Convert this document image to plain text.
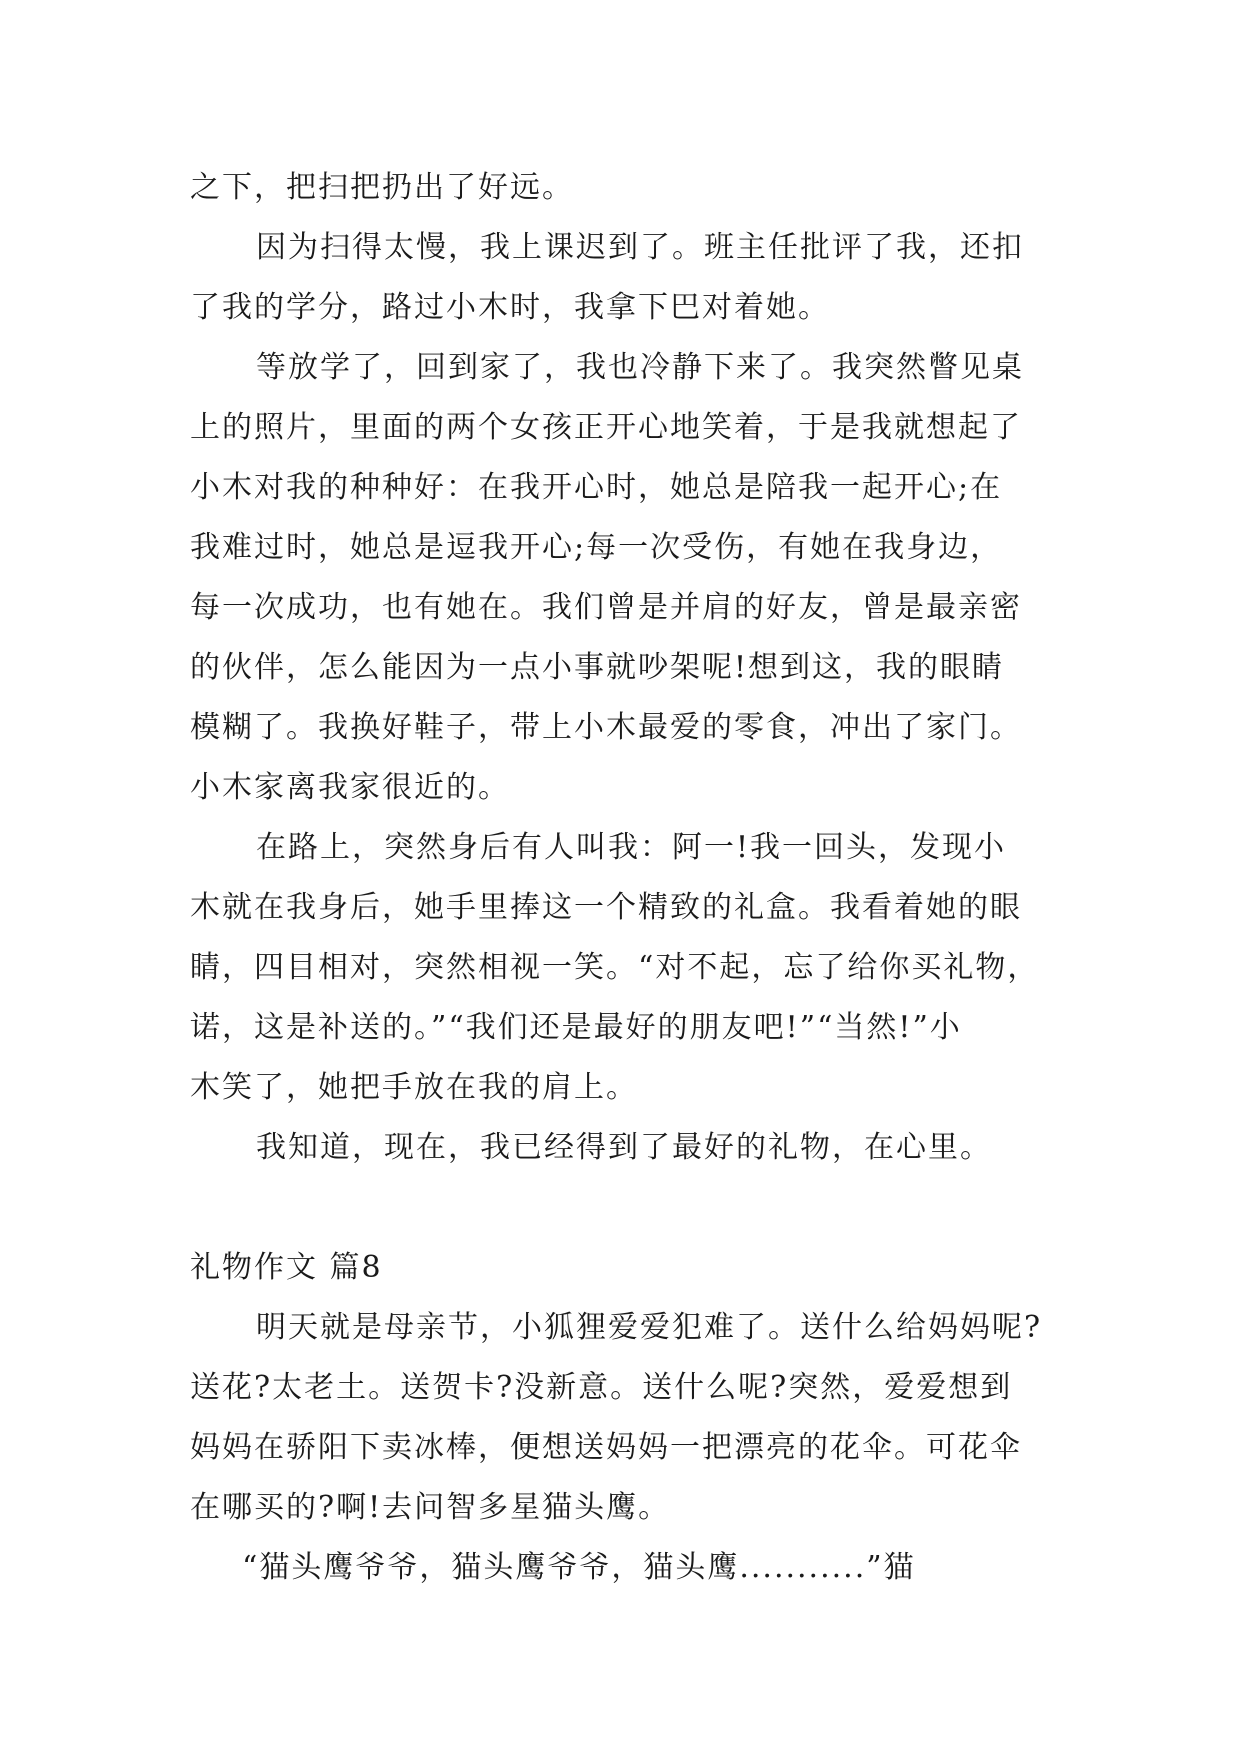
之下，把扫把扔出了好远。
因为扫得太慢，我上课迟到了。班主任批评了我，还扣
了我的学分，路过小木时，我拿下巴对着她。
等放学了，回到家了，我也冷静下来了。我突然瞥见桌
上的照片，里面的两个女孩正开心地笑着，于是我就想起了
小木对我的种种好：在我开心时，她总是陪我一起开心;在
我难过时，她总是逗我开心;每一次受伤，有她在我身边，
每一次成功，也有她在。我们曾是并肩的好友，曾是最亲密
的伙伴，怎么能因为一点小事就吵架呢!想到这，我的眼睛
模糊了。我换好鞋子，带上小木最爱的零食，冲出了家门。
小木家离我家很近的。
在路上，突然身后有人叫我：阿一!我一回头，发现小
木就在我身后，她手里捧这一个精致的礼盒。我看着她的眼
睛，四目相对，突然相视一笑。“对不起，忘了给你买礼物，
诺，这是补送的。”“我们还是最好的朋友吧!”“当然!”小
木笑了，她把手放在我的肩上。
我知道，现在，我已经得到了最好的礼物，在心里。
礼物作文 篇8
明天就是母亲节，小狐狸爱爱犯难了。送什么给妈妈呢?
送花?太老土。送贺卡?没新意。送什么呢?突然，爱爱想到
妈妈在骄阳下卖冰棒，便想送妈妈一把漂亮的花伞。可花伞
在哪买的?啊!去问智多星猫头鹰。
“猫头鹰爷爷，猫头鹰爷爷，猫头鹰...........”猫
